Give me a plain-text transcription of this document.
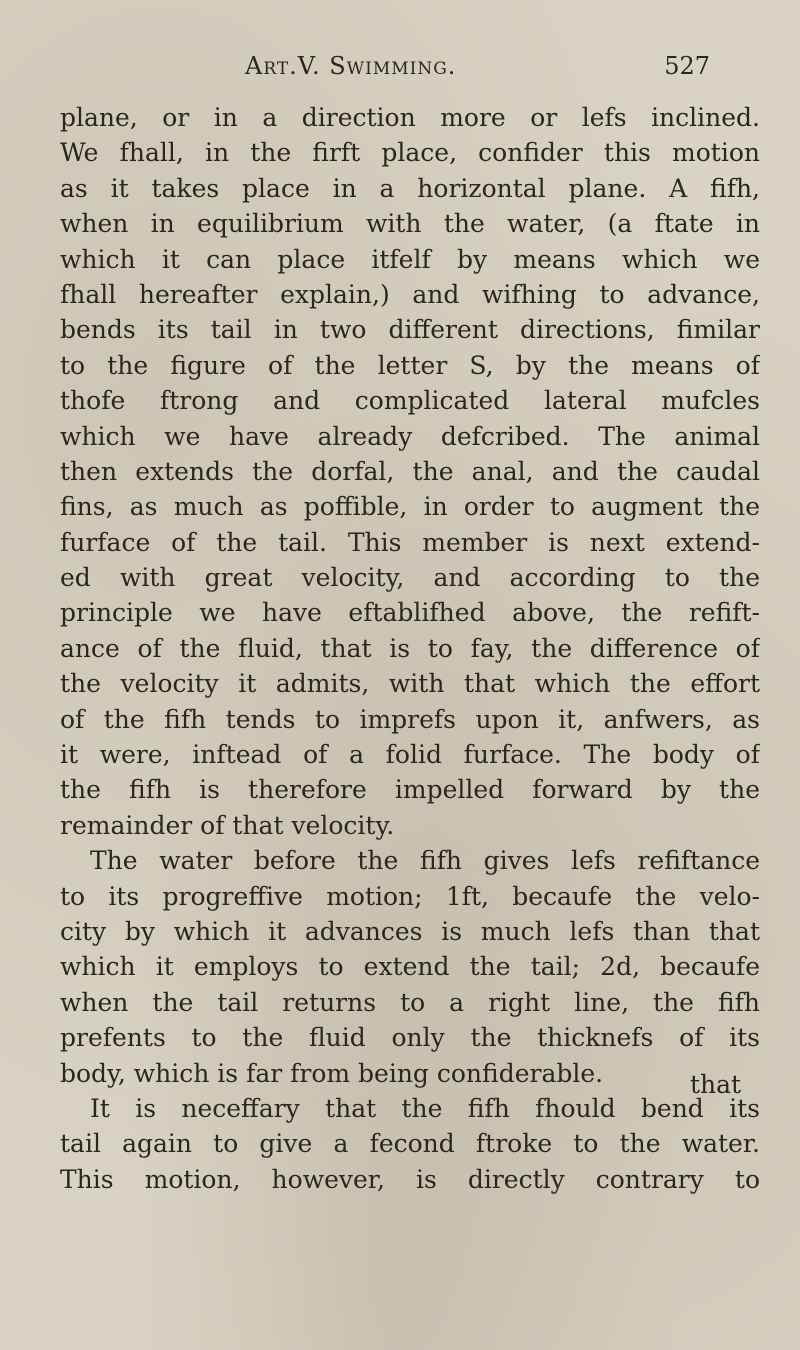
Art.V. Swimming.	527
plane, or in a direction more or lefs inclined.
We fhall, in the firft place, confider this motion
as it takes place in a horizontal plane. A fifh,
when in equilibrium with the water, (a ftate in
which it can place itfelf by means which we
fhall hereafter explain,) and wifhing to advance,
bends its tail in two different directions, fimilar
to the figure of the letter S, by the means of
thofe ftrong and complicated lateral mufcles
which we have already defcribed. The animal
then extends the dorfal, the anal, and the caudal
fins, as much as poffible, in order to augment the
furface of the tail. This member is next extend-
ed with great velocity, and according to the
principle we have eftablifhed above, the refift-
ance of the fluid, that is to fay, the difference of
the velocity it admits, with that which the effort
of the fifh tends to imprefs upon it, anfwers, as
it were, inftead of a folid furface. The body of
the fifh is therefore impelled forward by the
remainder of that velocity.
The water before the fifh gives lefs refiftance
to its progreffive motion; 1ft, becaufe the velo-
city by which it advances is much lefs than that
which it employs to extend the tail; 2d, becaufe
when the tail returns to a right line, the fifh
prefents to the fluid only the thicknefs of its
body, which is far from being confiderable.
It is neceffary that the fifh fhould bend its
tail again to give a fecond ftroke to the water.
This motion, however, is directly contrary to
that
